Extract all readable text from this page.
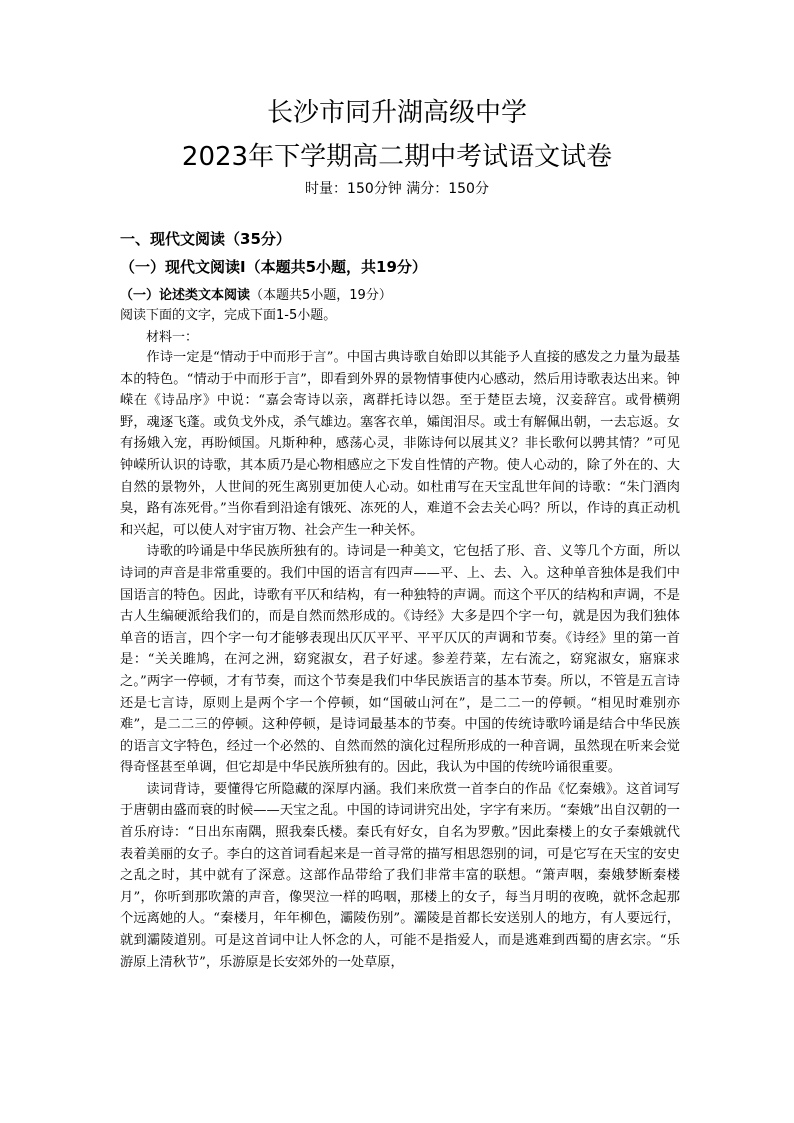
长沙市同升湖高级中学
2023年下学期高二期中考试语文试卷
时量：150分钟 满分：150分
一、现代文阅读（35分）
（一）现代文阅读Ⅰ（本题共5小题，共19分）
（一）论述类文本阅读（本题共5小题，19分）
阅读下面的文字，完成下面1-5小题。
材料一：

作诗一定是“情动于中而形于言”。中国古典诗歌自始即以其能予人直接的感发之力量为最基本的特色。“情动于中而形于言”，即看到外界的景物情事使内心感动，然后用诗歌表达出来。钟嵘在《诗品序》中说：“嘉会寄诗以亲，离群托诗以怨。至于楚臣去境，汉妾辞宫。或骨横朔野，魂逐飞蓬。或负戈外戍，杀气雄边。塞客衣单，孀闺泪尽。或士有解佩出朝，一去忘返。女有扬娥入宠，再盼倾国。凡斯种种，感荡心灵，非陈诗何以展其义？非长歌何以骋其情？”可见钟嵘所认识的诗歌，其本质乃是心物相感应之下发自性情的产物。使人心动的，除了外在的、大自然的景物外，人世间的死生离别更加使人心动。如杜甫写在天宝乱世年间的诗歌：“朱门酒肉臭，路有冻死骨。”当你看到沿途有饿死、冻死的人，难道不会去关心吗？所以，作诗的真正动机和兴起，可以使人对宇宙万物、社会产生一种关怀。

诗歌的吟诵是中华民族所独有的。诗词是一种美文，它包括了形、音、义等几个方面，所以诗词的声音是非常重要的。我们中国的语言有四声——平、上、去、入。这种单音独体是我们中国语言的特色。因此，诗歌有平仄和结构，有一种独特的声调。而这个平仄的结构和声调，不是古人生编硬派给我们的，而是自然而然形成的。《诗经》大多是四个字一句，就是因为我们独体单音的语言，四个字一句才能够表现出仄仄平平、平平仄仄的声调和节奏。《诗经》里的第一首是：“关关雎鸠，在河之洲，窈窕淑女，君子好逑。参差荇菜，左右流之，窈窕淑女，寤寐求之。”两字一停顿，才有节奏，而这个节奏是我们中华民族语言的基本节奏。所以，不管是五言诗还是七言诗，原则上是两个字一个停顿，如“国破山河在”，是二二一的停顿。“相见时难别亦难”，是二二三的停顿。这种停顿，是诗词最基本的节奏。中国的传统诗歌吟诵是结合中华民族的语言文字特色，经过一个必然的、自然而然的演化过程所形成的一种音调，虽然现在听来会觉得奇怪甚至单调，但它却是中华民族所独有的。因此，我认为中国的传统吟诵很重要。

读词背诗，要懂得它所隐藏的深厚内涵。我们来欣赏一首李白的作品《忆秦娥》。这首词写于唐朝由盛而衰的时候——天宝之乱。中国的诗词讲究出处，字字有来历。“秦娥”出自汉朝的一首乐府诗：“日出东南隅，照我秦氏楼。秦氏有好女，自名为罗敷。”因此秦楼上的女子秦娥就代表着美丽的女子。李白的这首词看起来是一首寻常的描写相思怨别的词，可是它写在天宝的安史之乱之时，其中就有了深意。这部作品带给了我们非常丰富的联想。“箫声咽，秦娥梦断秦楼月”，你听到那吹箫的声音，像哭泣一样的呜咽，那楼上的女子，每当月明的夜晚，就怀念起那个远离她的人。“秦楼月，年年柳色，灞陵伤别”。灞陵是首都长安送别人的地方，有人要远行，就到灞陵道别。可是这首词中让人怀念的人，可能不是指爱人，而是逃难到西蜀的唐玄宗。“乐游原上清秋节”，乐游原是长安郊外的一处草原，
